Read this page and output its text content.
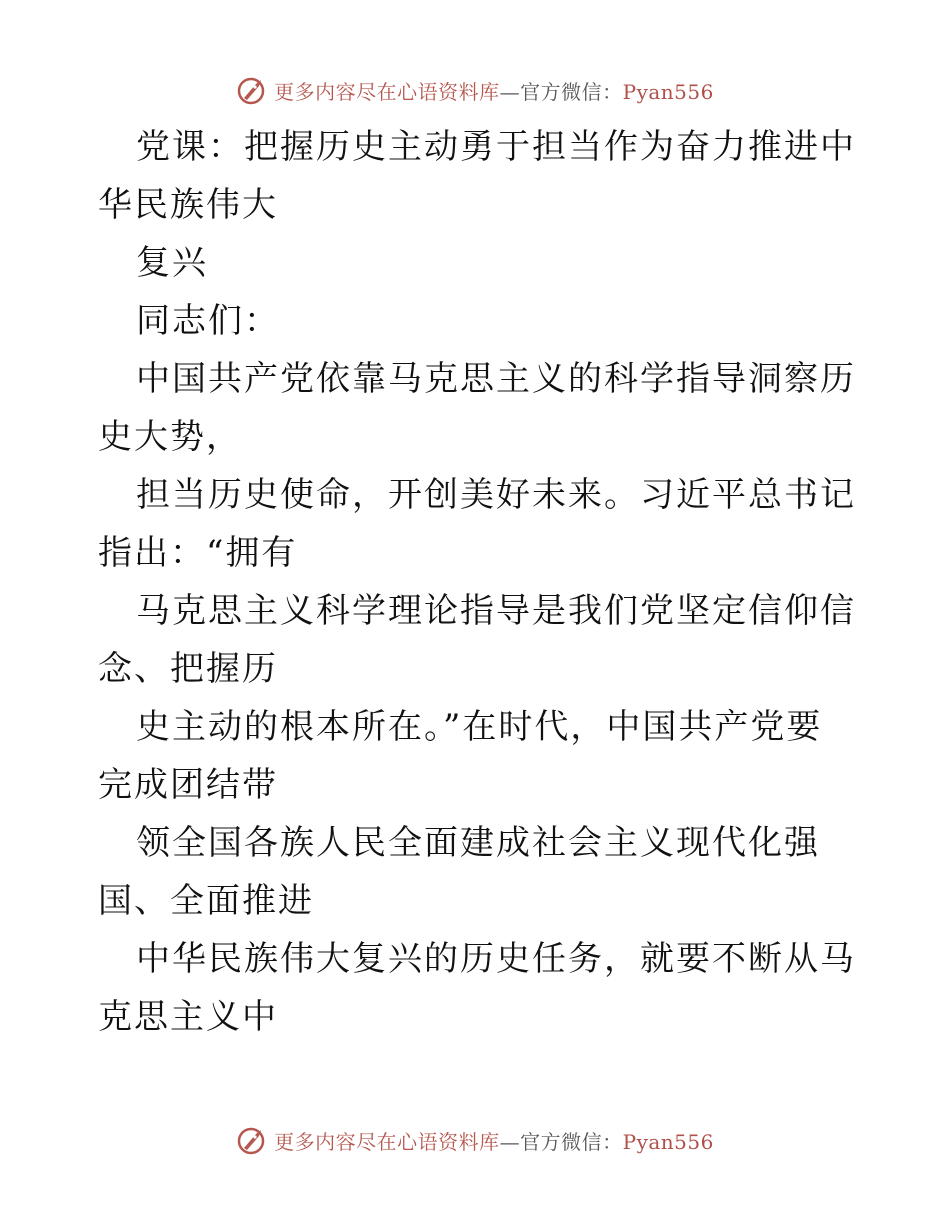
更多内容尽在心语资料库—官方微信：Pyan556

党课：把握历史主动勇于担当作为奋力推进中华民族伟大

复兴

同志们：

中国共产党依靠马克思主义的科学指导洞察历史大势，

担当历史使命，开创美好未来。习近平总书记指出：“拥有

马克思主义科学理论指导是我们党坚定信仰信念、把握历

史主动的根本所在。”在时代，中国共产党要完成团结带

领全国各族人民全面建成社会主义现代化强国、全面推进

中华民族伟大复兴的历史任务，就要不断从马克思主义中

更多内容尽在心语资料库—官方微信：Pyan556
